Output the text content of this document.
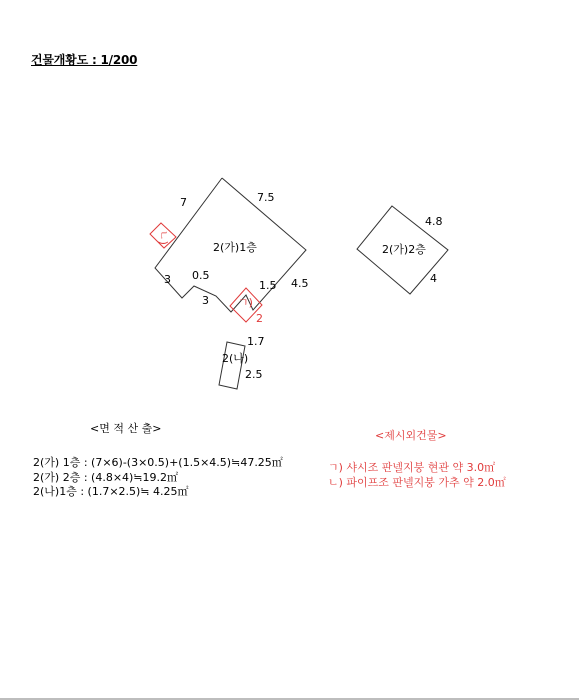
건물개황도 : 1/200
2(가)1층
7	7.5
4.5
3 0.5
3
1.5
2
ㄴ)
ㄱ)
2(가)2층
4.8
4
2(나)
1.7
2.5
<면 적 산 출>
2(가) 1층 : (7×6)-(3×0.5)+(1.5×4.5)≒47.25㎡
2(가) 2층 : (4.8×4)≒19.2㎡
2(나)1층 : (1.7×2.5)≒ 4.25㎡
<제시외건물>
ㄱ) 샤시조 판넬지붕 현관 약 3.0㎡
ㄴ) 파이프조 판넬지붕 가추 약 2.0㎡
